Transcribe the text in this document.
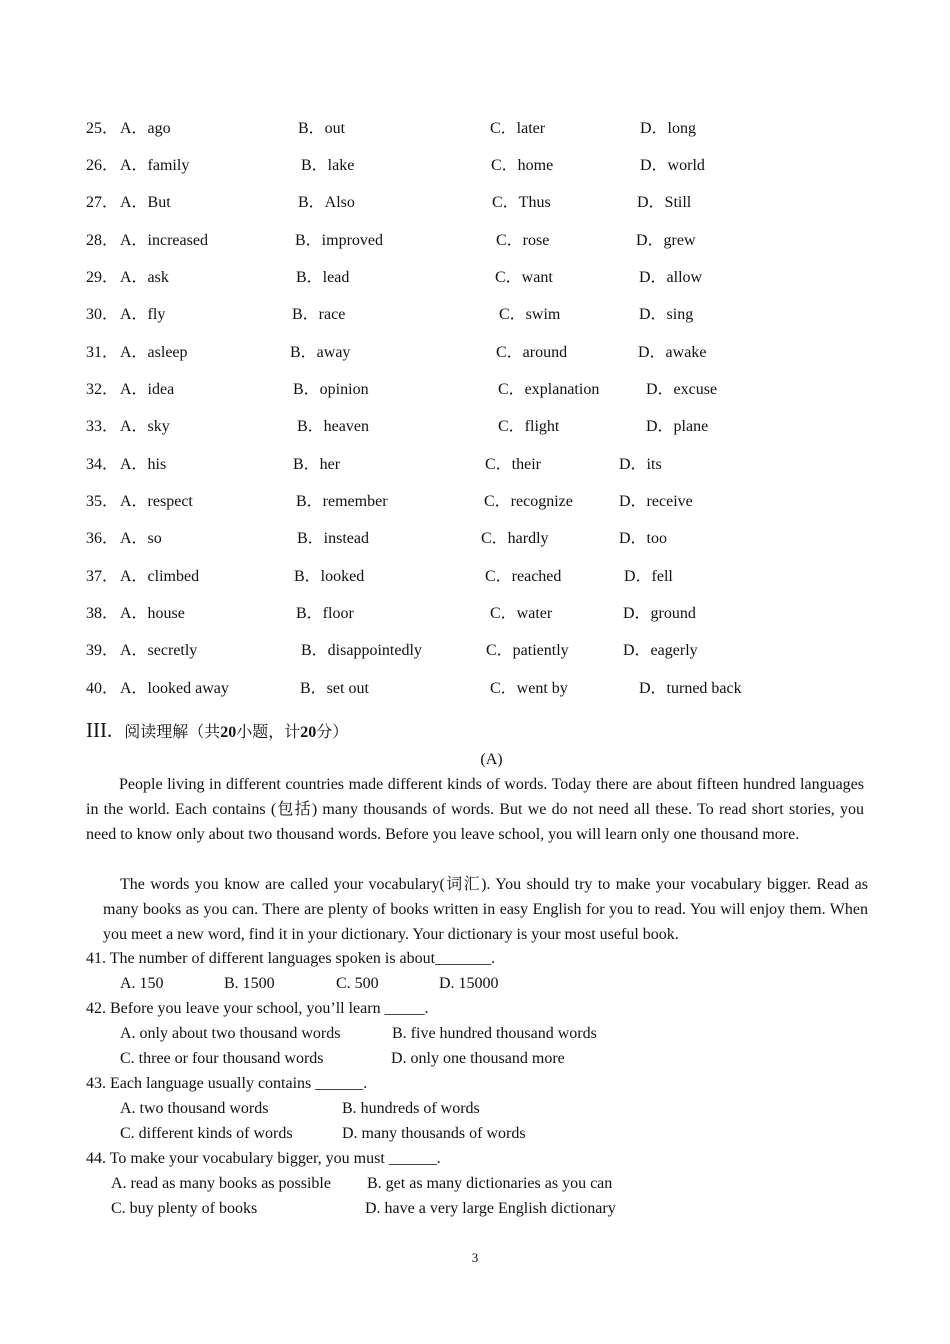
25． A．ago	B．out	C．later	D．long
26． A．family	B．lake	C．home	D．world
27． A．But	B．Also	C．Thus	D．Still
28． A．increased	B．improved	C．rose	D．grew
29． A．ask	B．lead	C．want	D．allow
30． A．fly	B．race	C．swim	D．sing
31． A．asleep	B．away	C．around	D．awake
32． A．idea	B．opinion	C．explanation	D．excuse
33． A．sky	B．heaven	C．flight	D．plane
34． A．his	B．her	C．their	D．its
35． A．respect	B．remember	C．recognize	D．receive
36． A．so	B．instead	C．hardly	D．too
37． A．climbed	B．looked	C．reached	D．fell
38． A．house	B．floor	C．water	D．ground
39． A．secretly	B．disappointedly	C．patiently	D．eagerly
40． A．looked away	B．set out	C．went by	D．turned back
III. 阅读理解（共20小题，计20分）
(A)
People living in different countries made different kinds of words. Today there are about fifteen hundred languages in the world. Each contains (包括) many thousands of words. But we do not need all these. To read short stories, you need to know only about two thousand words. Before you leave school, you will learn only one thousand more.
The words you know are called your vocabulary(词汇). You should try to make your vocabulary bigger. Read as many books as you can. There are plenty of books written in easy English for you to read. You will enjoy them. When you meet a new word, find it in your dictionary. Your dictionary is your most useful book.
41. The number of different languages spoken is about_______.
A. 150	B. 1500	C. 500	D. 15000
42. Before you leave your school, you’ll learn _____.
A. only about two thousand words	B. five hundred thousand words
C. three or four thousand words	D. only one thousand more
43. Each language usually contains ______.
A. two thousand words	B. hundreds of words
C. different kinds of words	D. many thousands of words
44. To make your vocabulary bigger, you must ______.
A. read as many books as possible B. get as many dictionaries as you can
C. buy plenty of books	D. have a very large English dictionary
3
